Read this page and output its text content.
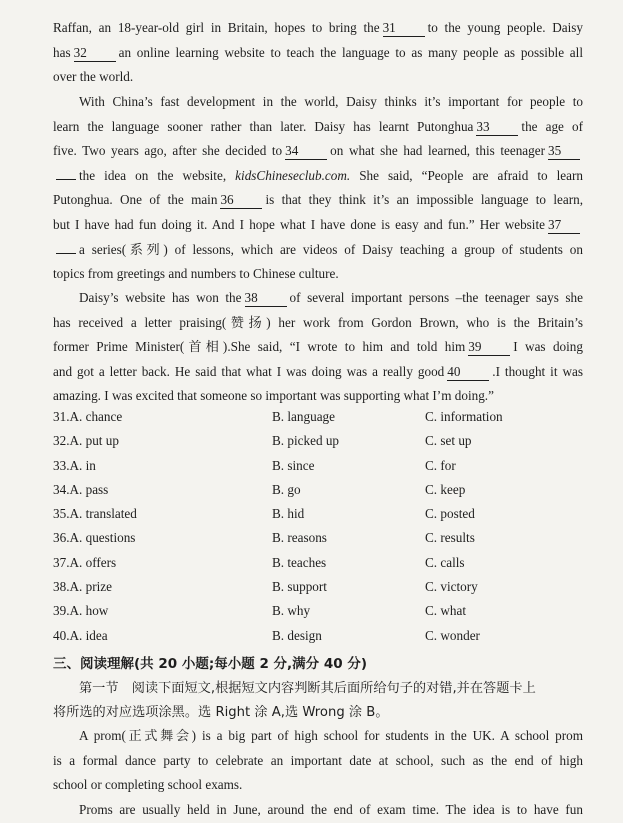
Raffan, an 18-year-old girl in Britain, hopes to bring the 31 to the young people. Daisy
has 32 an online learning website to teach the language to as many people as possible all
over the world.
With China’s fast development in the world, Daisy thinks it’s important for people to
learn the language sooner rather than later. Daisy has learnt Putonghua 33 the age of
five. Two years ago, after she decided to 34 on what she had learned, this teenager 35
the idea on the website, kidsChineseclub.com. She said, “People are afraid to learn
Putonghua. One of the main 36 is that they think it’s an impossible language to learn,
but I have had fun doing it. And I hope what I have done is easy and fun.” Her website 37
a series(系列) of lessons, which are videos of Daisy teaching a group of students on
topics from greetings and numbers to Chinese culture.
Daisy’s website has won the 38 of several important persons –the teenager says she
has received a letter praising(赞扬) her work from Gordon Brown, who is the Britain’s
former Prime Minister(首相).She said, “I wrote to him and told him 39 I was doing
and got a letter back. He said that what I was doing was a really good 40 .I thought it was
amazing. I was excited that someone so important was supporting what I’m doing.”
31.A. chance	B. language	C. information
32.A. put up	B. picked up	C. set up
33.A. in	B. since	C. for
34.A. pass	B. go	C. keep
35.A. translated	B. hid	C. posted
36.A. questions	B. reasons	C. results
37.A. offers	B. teaches	C. calls
38.A. prize	B. support	C. victory
39.A. how	B. why	C. what
40.A. idea	B. design	C. wonder
三、阅读理解(共 20 小题;每小题 2 分,满分 40 分)
第一节　阅读下面短文,根据短文内容判断其后面所给句子的对错,并在答题卡上
将所选的对应选项涂黑。选 Right 涂 A,选 Wrong 涂 B。
A prom(正式舞会) is a big part of high school for students in the UK. A school prom
is a formal dance party to celebrate an important date at school, such as the end of high
school or completing school exams.
Proms are usually held in June, around the end of exam time. The idea is to have fun
